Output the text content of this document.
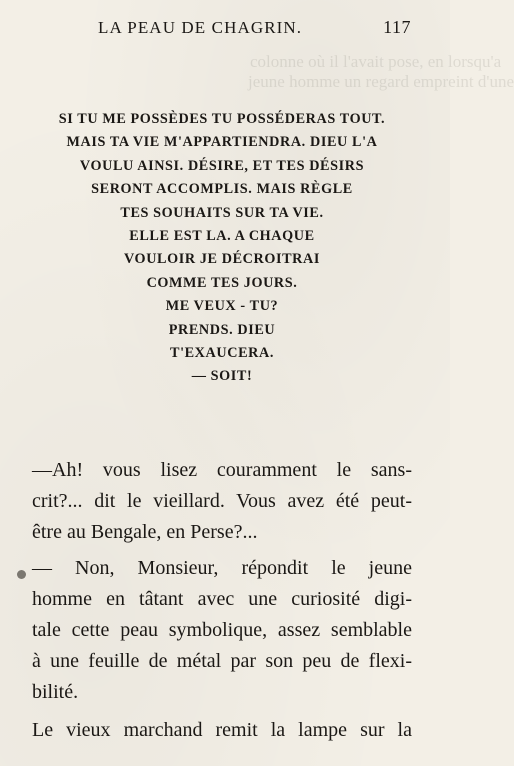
LA PEAU DE CHAGRIN.	117
colonne où il l'avait pose, en lorsqu'a
jeune homme un regard empreint d'une
SI TU ME POSSÈDES TU POSSÉDERAS TOUT.
MAIS TA VIE M'APPARTIENDRA. DIEU L'A
VOULU AINSI. DÉSIRE, ET TES DÉSIRS
SERONT ACCOMPLIS. MAIS RÈGLE
TES SOUHAITS SUR TA VIE.
ELLE EST LA. A CHAQUE
VOULOIR JE DÉCROITRAI
COMME TES JOURS.
ME VEUX - TU?
PRENDS. DIEU
T'EXAUCERA.
— SOIT!

—Ah! vous lisez couramment le sans-
crit?... dit le vieillard. Vous avez été peut-
être au Bengale, en Perse?...

— Non, Monsieur, répondit le jeune
homme en tâtant avec une curiosité digi-
tale cette peau symbolique, assez semblable
à une feuille de métal par son peu de flexi-
bilité.

Le vieux marchand remit la lampe sur la
